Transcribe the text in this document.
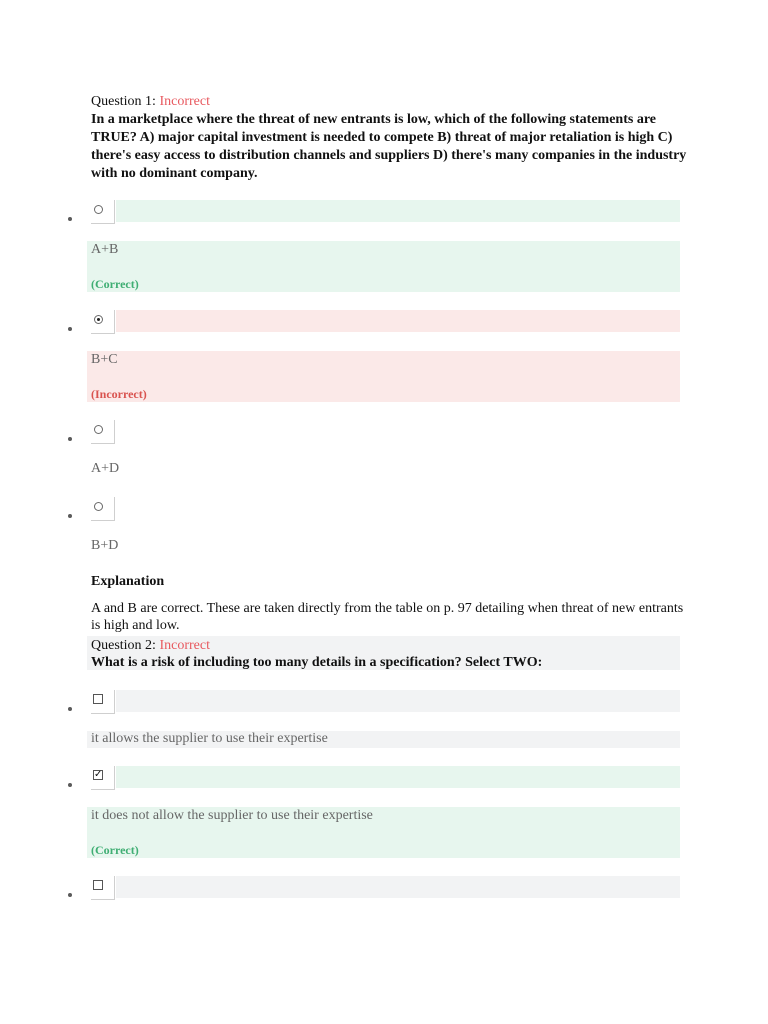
Question 1: Incorrect
In a marketplace where the threat of new entrants is low, which of the following statements are TRUE? A) major capital investment is needed to compete B) threat of major retaliation is high C) there's easy access to distribution channels and suppliers D) there's many companies in the industry with no dominant company.
A+B
(Correct)
B+C
(Incorrect)
A+D
B+D
Explanation
A and B are correct. These are taken directly from the table on p. 97 detailing when threat of new entrants is high and low.
Question 2: Incorrect
What is a risk of including too many details in a specification? Select TWO:
it allows the supplier to use their expertise
✓
it does not allow the supplier to use their expertise
(Correct)
